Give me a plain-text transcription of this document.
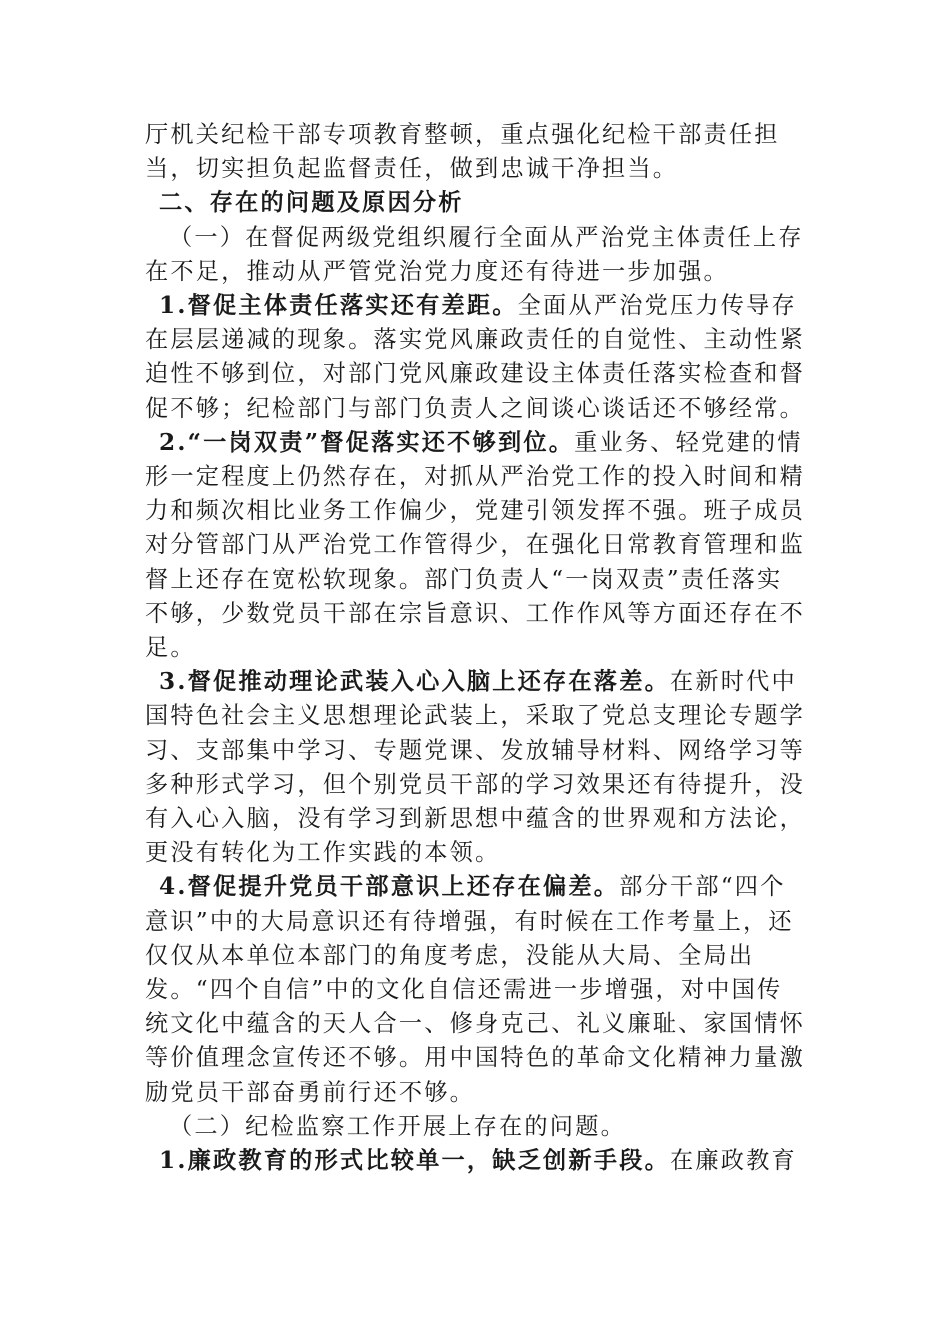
厅机关纪检干部专项教育整顿，重点强化纪检干部责任担当，切实担负起监督责任，做到忠诚干净担当。

二、存在的问题及原因分析

（一）在督促两级党组织履行全面从严治党主体责任上存在不足，推动从严管党治党力度还有待进一步加强。

1.督促主体责任落实还有差距。全面从严治党压力传导存在层层递减的现象。落实党风廉政责任的自觉性、主动性紧迫性不够到位，对部门党风廉政建设主体责任落实检查和督促不够；纪检部门与部门负责人之间谈心谈话还不够经常。

2.“一岗双责”督促落实还不够到位。重业务、轻党建的情形一定程度上仍然存在，对抓从严治党工作的投入时间和精力和频次相比业务工作偏少，党建引领发挥不强。班子成员对分管部门从严治党工作管得少，在强化日常教育管理和监督上还存在宽松软现象。部门负责人“一岗双责”责任落实不够，少数党员干部在宗旨意识、工作作风等方面还存在不足。

3.督促推动理论武装入心入脑上还存在落差。在新时代中国特色社会主义思想理论武装上，采取了党总支理论专题学习、支部集中学习、专题党课、发放辅导材料、网络学习等多种形式学习，但个别党员干部的学习效果还有待提升，没有入心入脑，没有学习到新思想中蕴含的世界观和方法论，更没有转化为工作实践的本领。

4.督促提升党员干部意识上还存在偏差。部分干部“四个意识”中的大局意识还有待增强，有时候在工作考量上，还仅仅从本单位本部门的角度考虑，没能从大局、全局出发。“四个自信”中的文化自信还需进一步增强，对中国传统文化中蕴含的天人合一、修身克己、礼义廉耻、家国情怀等价值理念宣传还不够。用中国特色的革命文化精神力量激励党员干部奋勇前行还不够。

（二）纪检监察工作开展上存在的问题。

1.廉政教育的形式比较单一，缺乏创新手段。在廉政教育
